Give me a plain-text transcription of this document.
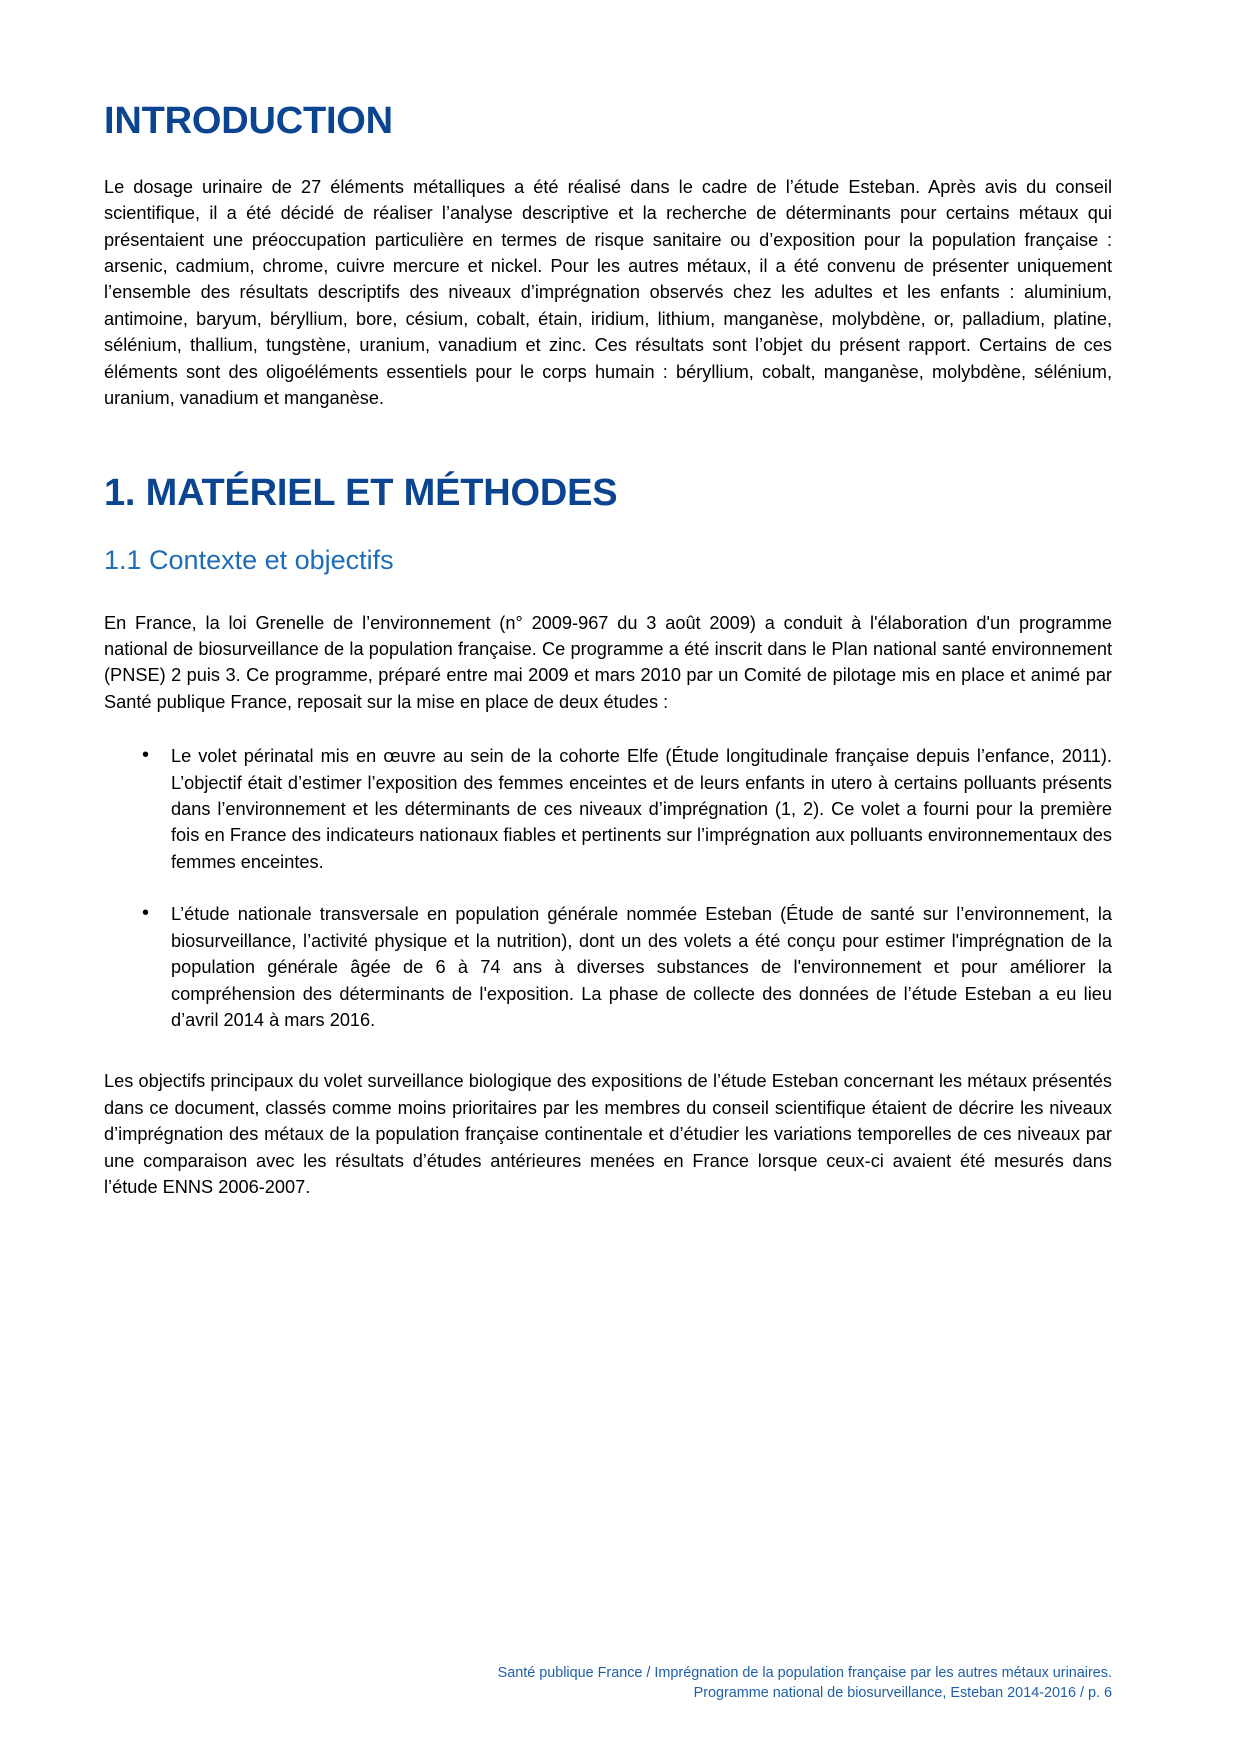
INTRODUCTION

Le dosage urinaire de 27 éléments métalliques a été réalisé dans le cadre de l’étude Esteban. Après avis du conseil scientifique, il a été décidé de réaliser l’analyse descriptive et la recherche de déterminants pour certains métaux qui présentaient une préoccupation particulière en termes de risque sanitaire ou d’exposition pour la population française : arsenic, cadmium, chrome, cuivre mercure et nickel. Pour les autres métaux, il a été convenu de présenter uniquement l’ensemble des résultats descriptifs des niveaux d’imprégnation observés chez les adultes et les enfants : aluminium, antimoine, baryum, béryllium, bore, césium, cobalt, étain, iridium, lithium, manganèse, molybdène, or, palladium, platine, sélénium, thallium, tungstène, uranium, vanadium et zinc. Ces résultats sont l’objet du présent rapport. Certains de ces éléments sont des oligoéléments essentiels pour le corps humain : béryllium, cobalt, manganèse, molybdène, sélénium, uranium, vanadium et manganèse.

1. MATÉRIEL ET MÉTHODES
1.1 Contexte et objectifs

En France, la loi Grenelle de l’environnement (n° 2009-967 du 3 août 2009) a conduit à l'élaboration d'un programme national de biosurveillance de la population française. Ce programme a été inscrit dans le Plan national santé environnement (PNSE) 2 puis 3. Ce programme, préparé entre mai 2009 et mars 2010 par un Comité de pilotage mis en place et animé par Santé publique France, reposait sur la mise en place de deux études :

• Le volet périnatal mis en œuvre au sein de la cohorte Elfe (Étude longitudinale française depuis l’enfance, 2011). L’objectif était d’estimer l’exposition des femmes enceintes et de leurs enfants in utero à certains polluants présents dans l’environnement et les déterminants de ces niveaux d’imprégnation (1, 2). Ce volet a fourni pour la première fois en France des indicateurs nationaux fiables et pertinents sur l’imprégnation aux polluants environnementaux des femmes enceintes.
• L’étude nationale transversale en population générale nommée Esteban (Étude de santé sur l’environnement, la biosurveillance, l’activité physique et la nutrition), dont un des volets a été conçu pour estimer l'imprégnation de la population générale âgée de 6 à 74 ans à diverses substances de l'environnement et pour améliorer la compréhension des déterminants de l'exposition. La phase de collecte des données de l’étude Esteban a eu lieu d’avril 2014 à mars 2016.

Les objectifs principaux du volet surveillance biologique des expositions de l’étude Esteban concernant les métaux présentés dans ce document, classés comme moins prioritaires par les membres du conseil scientifique étaient de décrire les niveaux d’imprégnation des métaux de la population française continentale et d’étudier les variations temporelles de ces niveaux par une comparaison avec les résultats d’études antérieures menées en France lorsque ceux-ci avaient été mesurés dans l’étude ENNS 2006-2007.

Santé publique France / Imprégnation de la population française par les autres métaux urinaires.
Programme national de biosurveillance, Esteban 2014-2016 / p. 6
